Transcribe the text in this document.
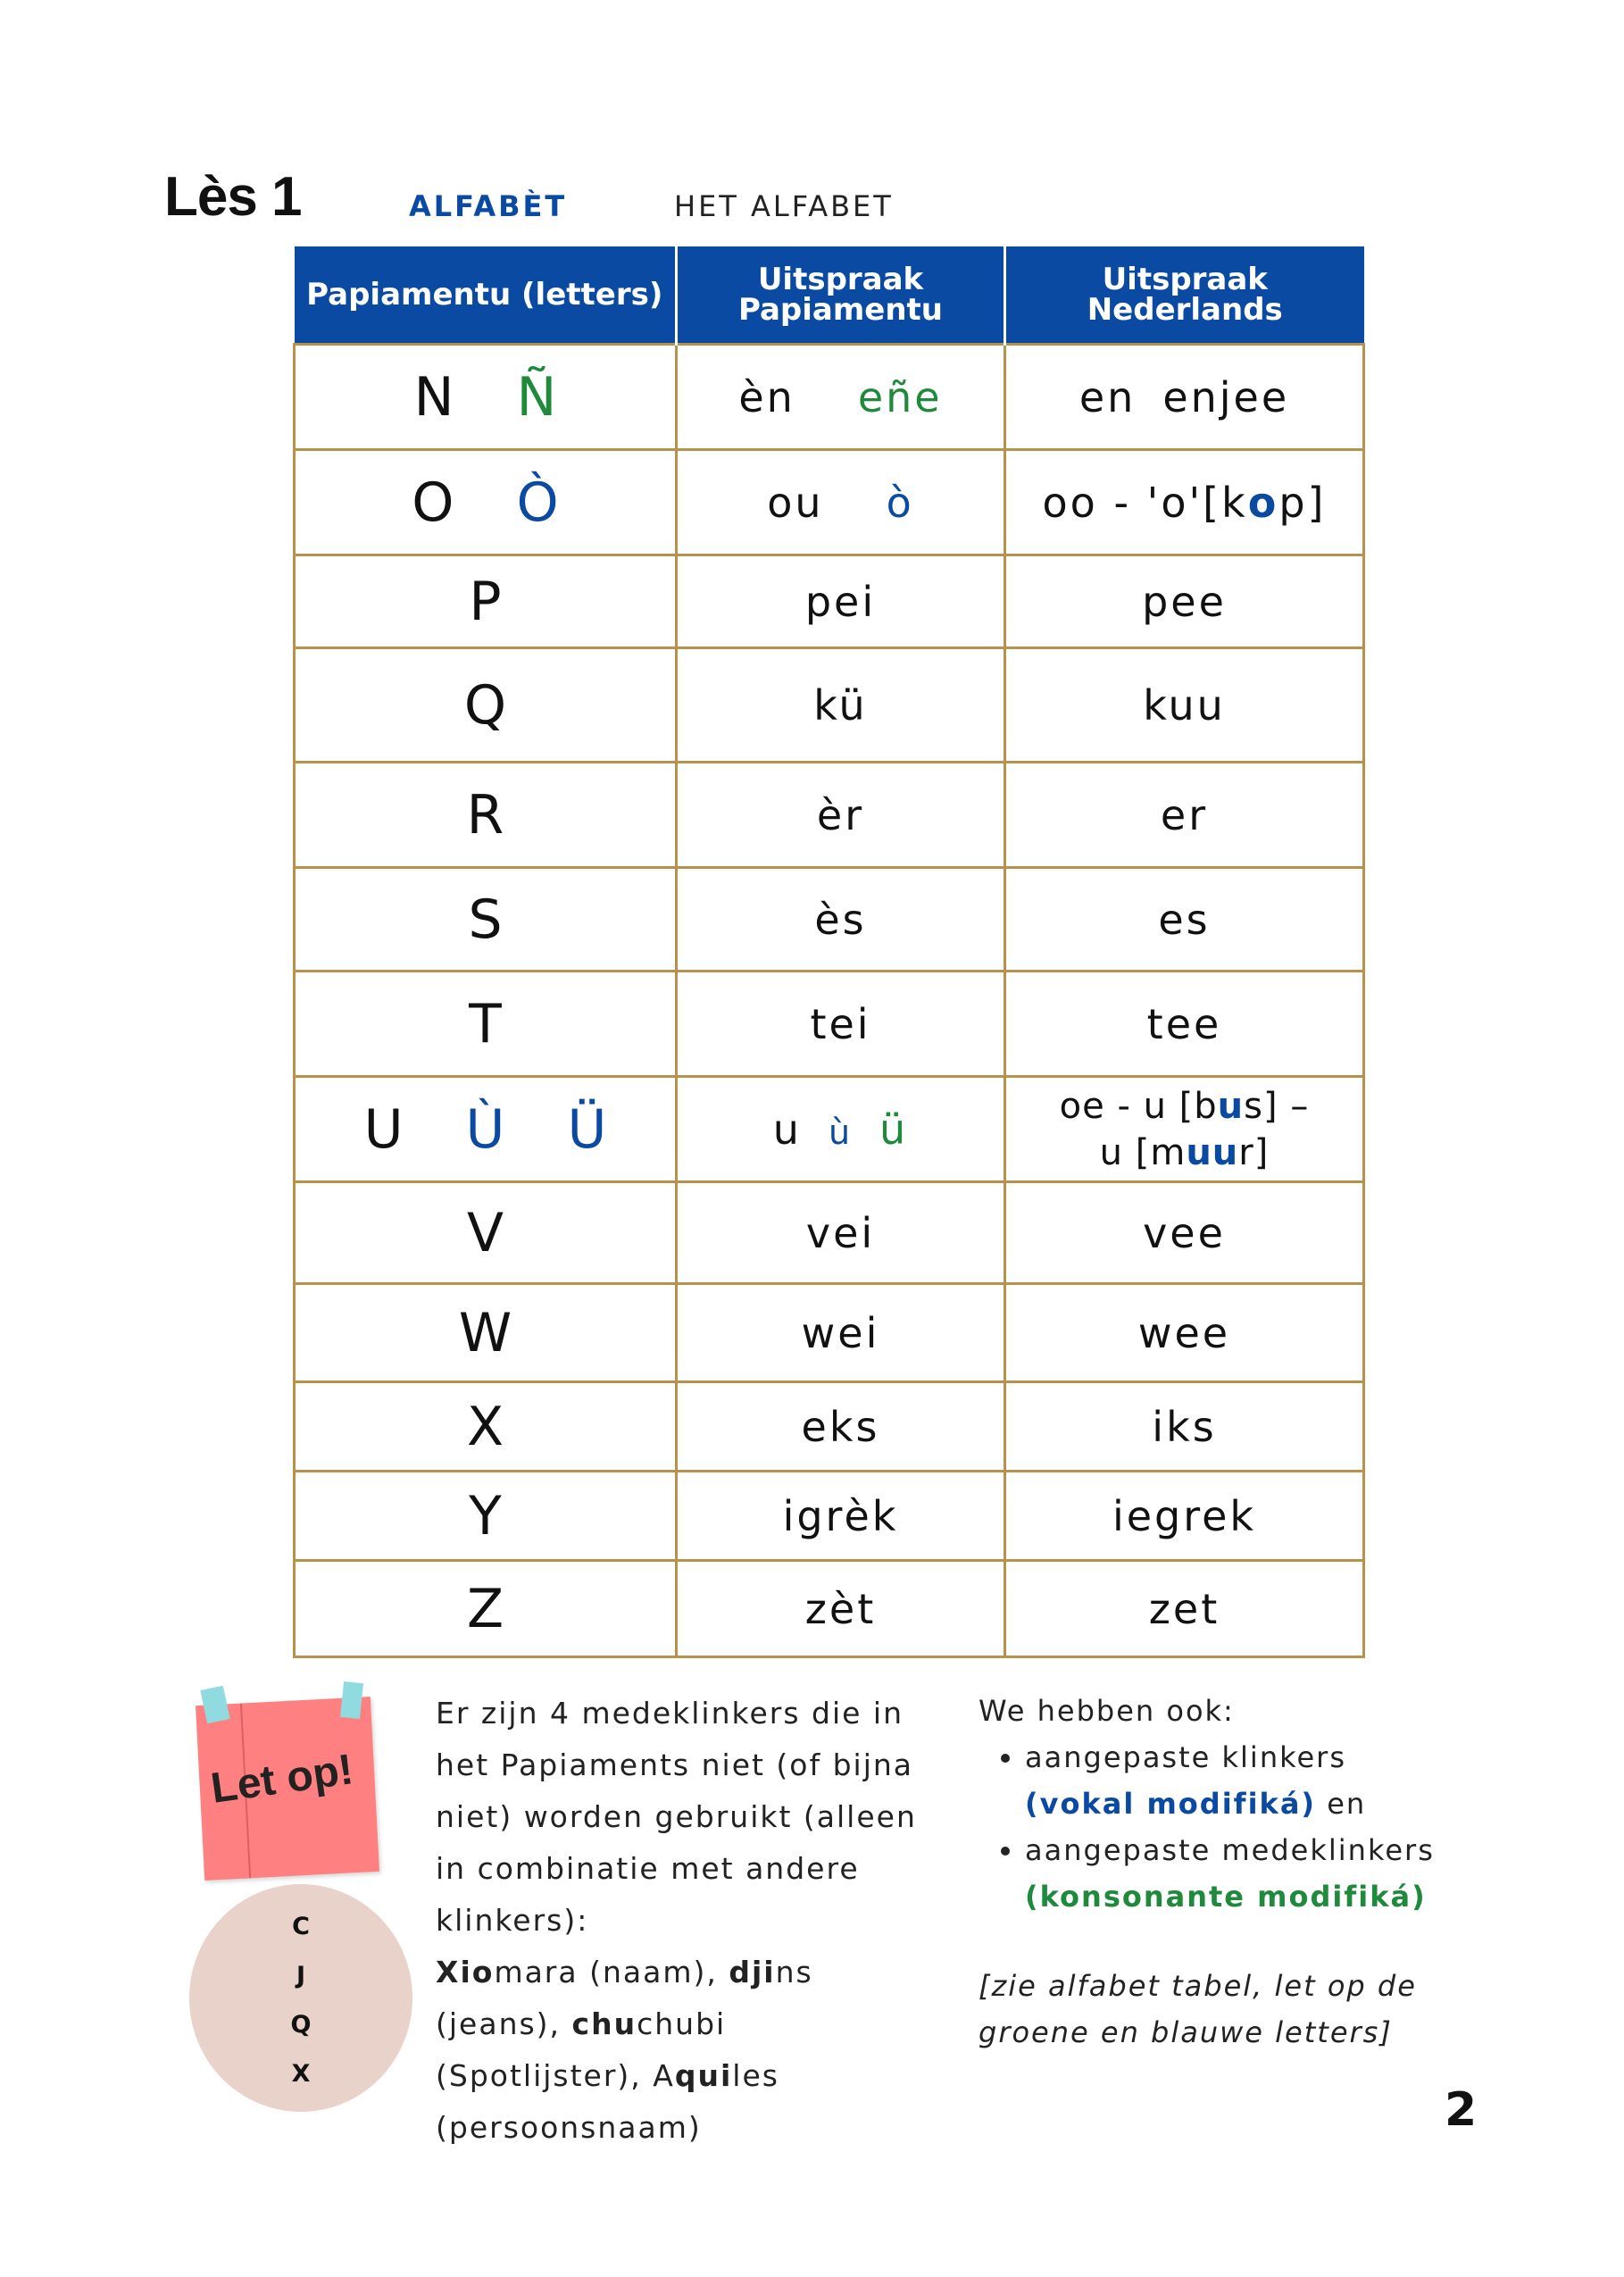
Lès 1	ALFABÈT	HET ALFABET
Papiamentu (letters)	Uitspraak Papiamentu	Uitspraak Nederlands
N Ñ	èn eñe	en enjee
O Ò	ou ò	oo - 'o'[kop]
P	pei	pee
Q	kü	kuu
R	èr	er
S	ès	es
T	tei	tee
U Ù Ü	u ù ü	oe - u [bus] –
u [muur]

V	vei	vee
W	wei	wee
X	eks	iks
Y	igrèk	iegrek
Z	zèt	zet
Let op!
C
J
Q
X
Er zijn 4 medeklinkers die in het Papiaments niet (of bijna niet) worden gebruikt (alleen in combinatie met andere klinkers):
Xiomara (naam), djins (jeans), chuchubi (Spotlijster), Aquiles (persoonsnaam)
We hebben ook:
• aangepaste klinkers
(vokal modifiká) en
• aangepaste medeklinkers
(konsonante modifiká)
[zie alfabet tabel, let op de groene en blauwe letters]
2
